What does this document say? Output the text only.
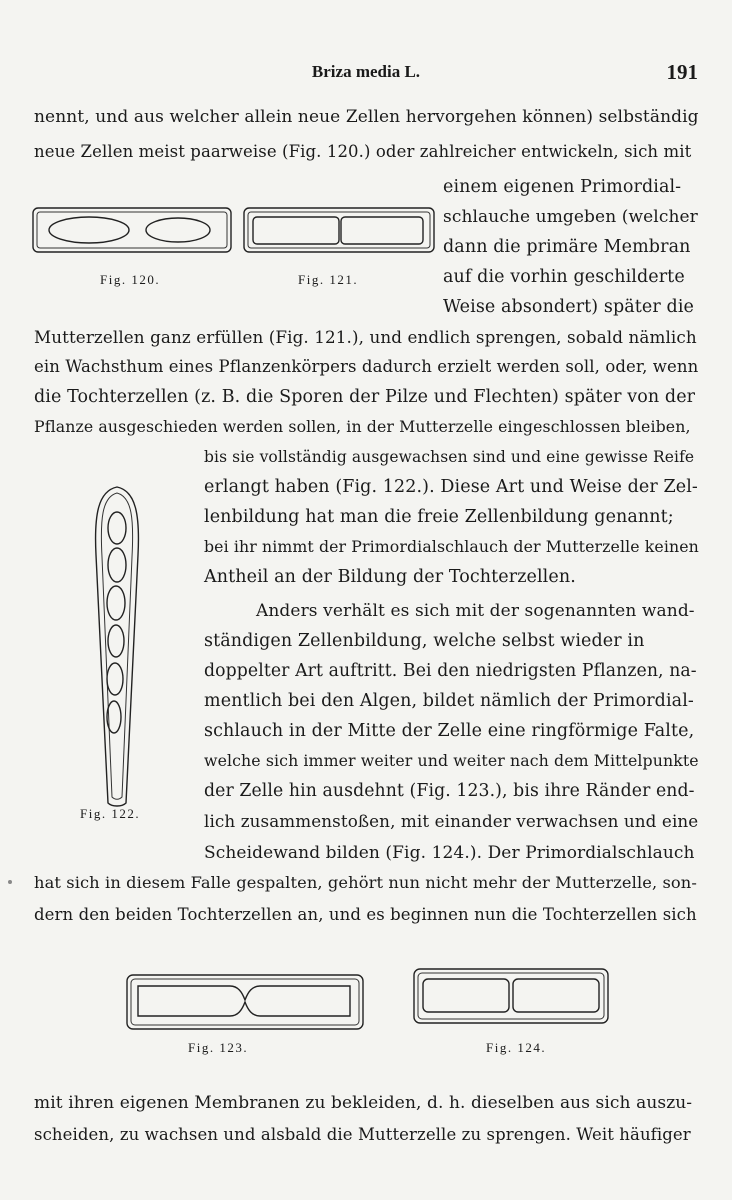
Briza media L.	191
nennt, und aus welcher allein neue Zellen hervorgehen können) selbständig
neue Zellen meist paarweise (Fig. 120.) oder zahlreicher entwickeln, sich mit
einem eigenen Primordial-
schlauche umgeben (welcher
dann die primäre Membran
auf die vorhin geschilderte
Weise absondert) später die
Fig. 120.	Fig. 121.
Mutterzellen ganz erfüllen (Fig. 121.), und endlich sprengen, sobald nämlich
ein Wachsthum eines Pflanzenkörpers dadurch erzielt werden soll, oder, wenn
die Tochterzellen (z. B. die Sporen der Pilze und Flechten) später von der
Pflanze ausgeschieden werden sollen, in der Mutterzelle eingeschlossen bleiben,
Fig. 122.
bis sie vollständig ausgewachsen sind und eine gewisse Reife
erlangt haben (Fig. 122.). Diese Art und Weise der Zel-
lenbildung hat man die freie Zellenbildung genannt;
bei ihr nimmt der Primordialschlauch der Mutterzelle keinen
Antheil an der Bildung der Tochterzellen.
Anders verhält es sich mit der sogenannten wand-
ständigen Zellenbildung, welche selbst wieder in
doppelter Art auftritt. Bei den niedrigsten Pflanzen, na-
mentlich bei den Algen, bildet nämlich der Primordial-
schlauch in der Mitte der Zelle eine ringförmige Falte,
welche sich immer weiter und weiter nach dem Mittelpunkte
der Zelle hin ausdehnt (Fig. 123.), bis ihre Ränder end-
lich zusammenstoßen, mit einander verwachsen und eine
Scheidewand bilden (Fig. 124.). Der Primordialschlauch
hat sich in diesem Falle gespalten, gehört nun nicht mehr der Mutterzelle, son-
dern den beiden Tochterzellen an, und es beginnen nun die Tochterzellen sich
Fig. 123.	Fig. 124.
mit ihren eigenen Membranen zu bekleiden, d. h. dieselben aus sich auszu-
scheiden, zu wachsen und alsbald die Mutterzelle zu sprengen. Weit häufiger
